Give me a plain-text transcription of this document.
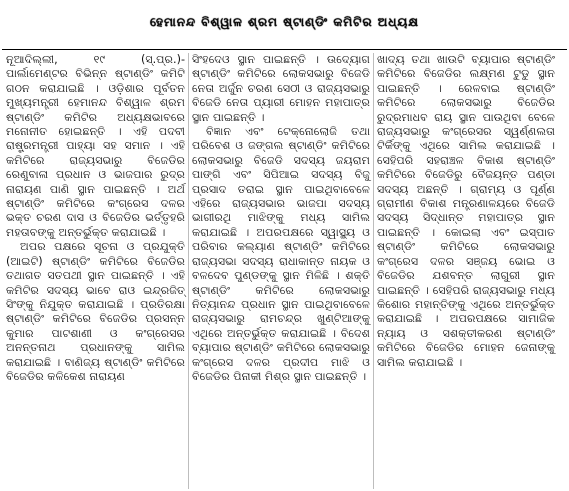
ହେମାନନ୍ଦ ବିଶ୍ୱାଳ ଶ୍ରମ ଷ୍ଟାଣ୍ଡିଂ କମିଟିର ଅଧ୍ୟକ୍ଷ

ନୂଆଦିଲ୍ଲୀ, ୧୯ (ସ୍.ପ୍ର.)- ପାର୍ଲାମେଣ୍ଟର ବିଭିନ୍ନ ଷ୍ଟାଣ୍ଡିଂ କମିଟି ଗଠନ କରାଯାଇଛି । ଓଡ଼ିଶାର ପୂର୍ବତନ ମୁଖ୍ୟମନ୍ତ୍ରୀ ହେମାନନ୍ଦ ବିଶ୍ୱାଳ ଶ୍ରମ ଷ୍ଟାଣ୍ଡିଂ କମିଟିର ଅଧ୍ୟକ୍ଷଭାବରେ ମନୋନୀତ ହୋଇଛନ୍ତି । ଏହି ପଦବୀ ରାଷ୍ଟ୍ରମନ୍ତ୍ରୀ ପାହ୍ୟା ସହ ସମାନ । ଏହି କମିଟିରେ ରାଜ୍ୟସଭାରୁ ବିଜେଡିର ରେଣୁବାଳା ପ୍ରଧାନ ଓ ଭାଜପାର ରୁଦ୍ର ନାରାୟଣ ପାଣି ସ୍ଥାନ ପାଇଛନ୍ତି । ଅର୍ଥ ଷ୍ଟାଣ୍ଡିଂ କମିଟିରେ କଂଗ୍ରେସ ଦଳର ଭକ୍ତ ଚରଣ ଦାସ ଓ ବିଜେଡିର ଭର୍ତ୍ତୃହରି ମହତାବଙ୍କୁ ଅନ୍ତର୍ଭୁକ୍ତ କରାଯାଇଛି ।

ଅପର ପକ୍ଷରେ ସୂଚନା ଓ ପ୍ରଯୁକ୍ତି (ଆଇଟି) ଷ୍ଟାଣ୍ଡିଂ କମିଟିରେ ବିଜେଡିର ତଥାଗତ ସତପଥୀ ସ୍ଥାନ ପାଇଛନ୍ତି । ଏହି କମିଟିର ସଦସ୍ୟ ଭାବେ ରାଓ ଇନ୍ଦ୍ରଜିତ୍ ସିଂଙ୍କୁ ନିଯୁକ୍ତ କରାଯାଇଛି । ପ୍ରତିରକ୍ଷା ଷ୍ଟାଣ୍ଡିଂ କମିଟିରେ ବିଜେଡିର ପ୍ରସନ୍ନ କୁମାର ପାଟଶାଣୀ ଓ କଂଗ୍ରେସର ଅନନ୍ତନାଥ ପ୍ରଧାନଙ୍କୁ ସାମିଲ କରାଯାଇଛି । ବାଣିଜ୍ୟ ଷ୍ଟାଣ୍ଡିଂ କମିଟିରେ ବିଜେଡିର କଳିକେଶ ନାରାୟଣ

ସିଂହଦେଓ ସ୍ଥାନ ପାଇଛନ୍ତି । ଉଦ୍ୟୋଗ ଷ୍ଟାଣ୍ଡିଂ କମିଟିରେ ଲୋକସଭାରୁ ବିଜେଡି ନେତା ଅର୍ଜୁନ ଚରଣ ସେଠୀ ଓ ରାଜ୍ୟସଭାରୁ ବିଜେଡି ନେତା ପ୍ୟାରୀ ମୋହନ ମହାପାତ୍ର ସ୍ଥାନ ପାଇଛନ୍ତି ।

ବିଜ୍ଞାନ ଏବଂ ଟେକ୍ନୋଲୋଜି ତଥା ପରିବେଶ ଓ ଜଙ୍ଗଲ ଷ୍ଟାଣ୍ଡିଂ କମିଟିରେ ଲୋକସଭାରୁ ବିଜେଡି ସଦସ୍ୟ ଜୟରାମ ପାଙ୍ଗି ଏବଂ ସିପିଆଇ ସଦସ୍ୟ ବିଜୁ ପ୍ରସାଦ ତରାଇ ସ୍ଥାନ ପାଇଥିବାବେଳେ ଏହିରେ ରାଜ୍ୟସଭାର ଭାଜପା ସଦସ୍ୟ ଭାଗୀରଥି ମାଝିଙ୍କୁ ମଧ୍ୟ ସାମିଲ କରାଯାଇଛି । ଅପରପକ୍ଷରେ ସ୍ୱାସ୍ଥ୍ୟ ଓ ପରିବାର କଲ୍ୟାଣ ଷ୍ଟାଣ୍ଡିଂ କମିଟିରେ ରାଜ୍ୟସଭା ସଦସ୍ୟ ରାଧାକାନ୍ତ ନାୟକ ଓ ବଳଦେବ ପୁଣ୍ଡଙ୍କୁ ସ୍ଥାନ ମିଳିଛି । ଶକ୍ତି ଷ୍ଟାଣ୍ଡିଂ କମିଟିରେ ଲୋକସଭାରୁ ନିତ୍ୟାନନ୍ଦ ପ୍ରଧାନ ସ୍ଥାନ ପାଇଥିବାବେଳେ ରାଜ୍ୟସଭାରୁ ରାମଚନ୍ଦ୍ର ଖୁଣ୍ଟିଆଙ୍କୁ ଏଥିରେ ଅନ୍ତର୍ଭୁକ୍ତ କରାଯାଇଛି । ବିଦେଶ ବ୍ୟାପାର ଷ୍ଟାଣ୍ଡିଂ କମିଟିରେ ଲୋକସଭାରୁ କଂଗ୍ରେସ ଦଳର ପ୍ରଦୀପ ମାଝି ଓ ବିଜେଡିର ପିନାକୀ ମିଶ୍ର ସ୍ଥାନ ପାଇଛନ୍ତି ।

ଖାଦ୍ୟ ତଥା ଖାଉଟି ବ୍ୟାପାର ଷ୍ଟାଣ୍ଡିଂ କମିଟିରେ ବିଜେଡିର ଲକ୍ଷ୍ମଣ ଟୁଡୁ ସ୍ଥାନ ପାଇଛନ୍ତି । ରେଳବାଇ ଷ୍ଟାଣ୍ଡିଂ କମିଟିରେ ଲୋକସଭାରୁ ବିଜେଡିର ରୁଦ୍ରମାଧବ ରାୟ ସ୍ଥାନ ପାଉଥିବା ବେଳେ ରାଜ୍ୟସଭାରୁ କଂଗ୍ରେସର ସ୍ୱର୍ଣ୍ଣଲତା ଟିର୍କିଙ୍କୁ ଏଥିରେ ସାମିଲ କରାଯାଇଛି । ସେହିପରି ସହରାଞ୍ଚଳ ବିକାଶ ଷ୍ଟାଣ୍ଡିଂ କମିଟିରେ ବିଜେଡିରୁ ବୈଜୟନ୍ତ ପଣ୍ଡା ସଦସ୍ୟ ଅଛନ୍ତି । ଗ୍ରାମ୍ୟ ଓ ପୂର୍ଣ୍ଣ ଗ୍ରାମୀଣ ବିକାଶ ମନ୍ତ୍ରଣାଳୟରେ ବିଜେଡି ସଦସ୍ୟ ସିଦ୍ଧାନ୍ତ ମହାପାତ୍ର ସ୍ଥାନ ପାଇଛନ୍ତି । କୋଇଲା ଏବଂ ଇସ୍ପାତ ଷ୍ଟାଣ୍ଡିଂ କମିଟିରେ ଲୋକସଭାରୁ କଂଗ୍ରେସ ଦଳର ସଞ୍ଜୟ ଭୋଇ ଓ ବିଜେଡିର ଯଶବନ୍ତ ଲାଗୁରୀ ସ୍ଥାନ ପାଇଛନ୍ତି । ସେହିପରି ରାଜ୍ୟସଭାରୁ ମଧ୍ୟ କିଶୋର ମହାନ୍ତିଙ୍କୁ ଏଥିରେ ଅନ୍ତର୍ଭୁକ୍ତ କରାଯାଇଛି । ଅପରପକ୍ଷରେ ସାମାଜିକ ନ୍ୟାୟ ଓ ସଶକ୍ତୀକରଣ ଷ୍ଟାଣ୍ଡିଂ କମିଟିରେ ବିଜେଡିର ମୋହନ ଜେନାଙ୍କୁ ସାମିଲ କରାଯାଇଛି ।
